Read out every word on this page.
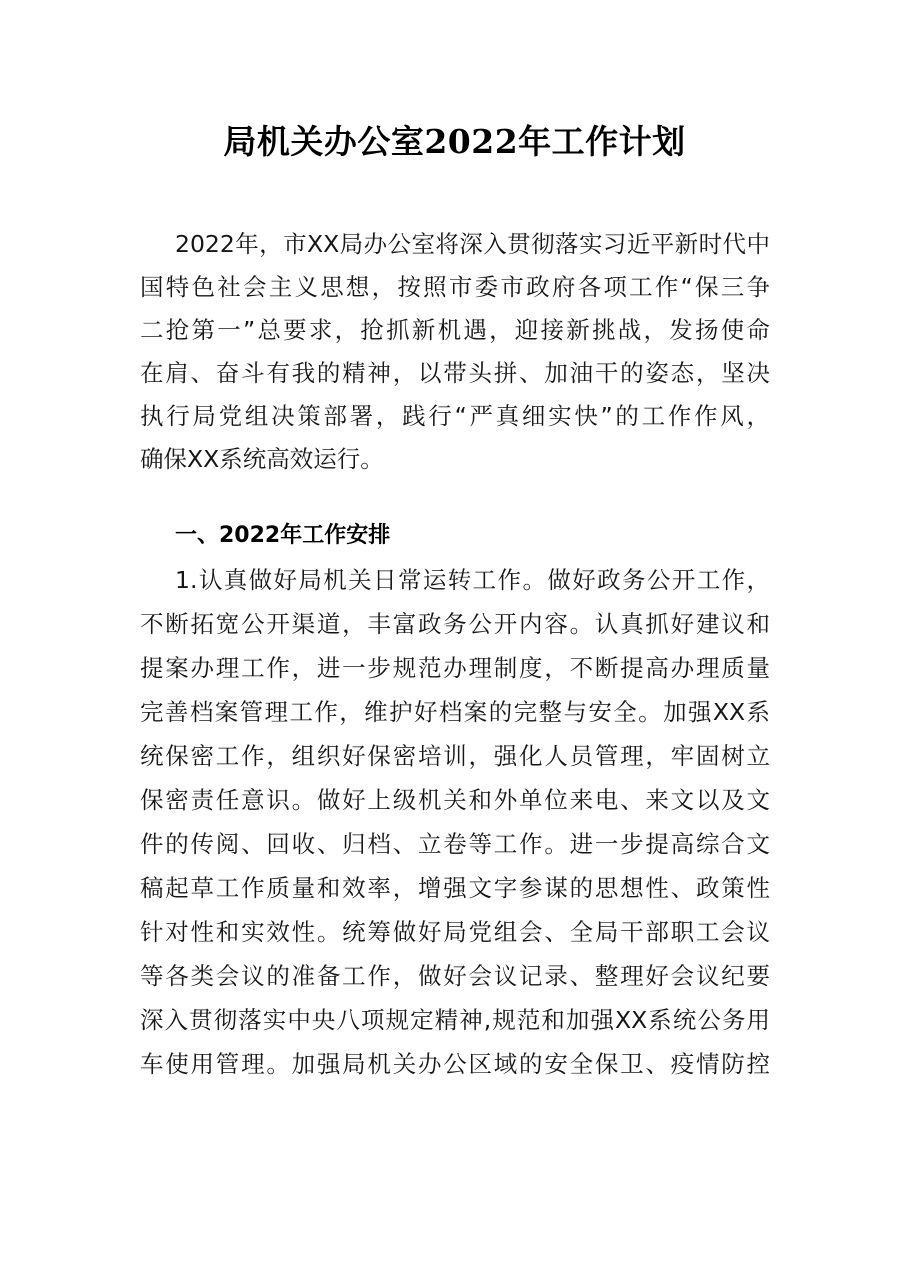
局机关办公室2022年工作计划
2022年，市XX局办公室将深入贯彻落实习近平新时代中
国特色社会主义思想，按照市委市政府各项工作“保三争
二抢第一”总要求，抢抓新机遇，迎接新挑战，发扬使命
在肩、奋斗有我的精神，以带头拼、加油干的姿态，坚决
执行局党组决策部署，践行“严真细实快”的工作作风，
确保XX系统高效运行。
一、2022年工作安排
1.认真做好局机关日常运转工作。做好政务公开工作，
不断拓宽公开渠道，丰富政务公开内容。认真抓好建议和
提案办理工作，进一步规范办理制度，不断提高办理质量
完善档案管理工作，维护好档案的完整与安全。加强XX系
统保密工作，组织好保密培训，强化人员管理，牢固树立
保密责任意识。做好上级机关和外单位来电、来文以及文
件的传阅、回收、归档、立卷等工作。进一步提高综合文
稿起草工作质量和效率，增强文字参谋的思想性、政策性
针对性和实效性。统筹做好局党组会、全局干部职工会议
等各类会议的准备工作，做好会议记录、整理好会议纪要
深入贯彻落实中央八项规定精神,规范和加强XX系统公务用
车使用管理。加强局机关办公区域的安全保卫、疫情防控
